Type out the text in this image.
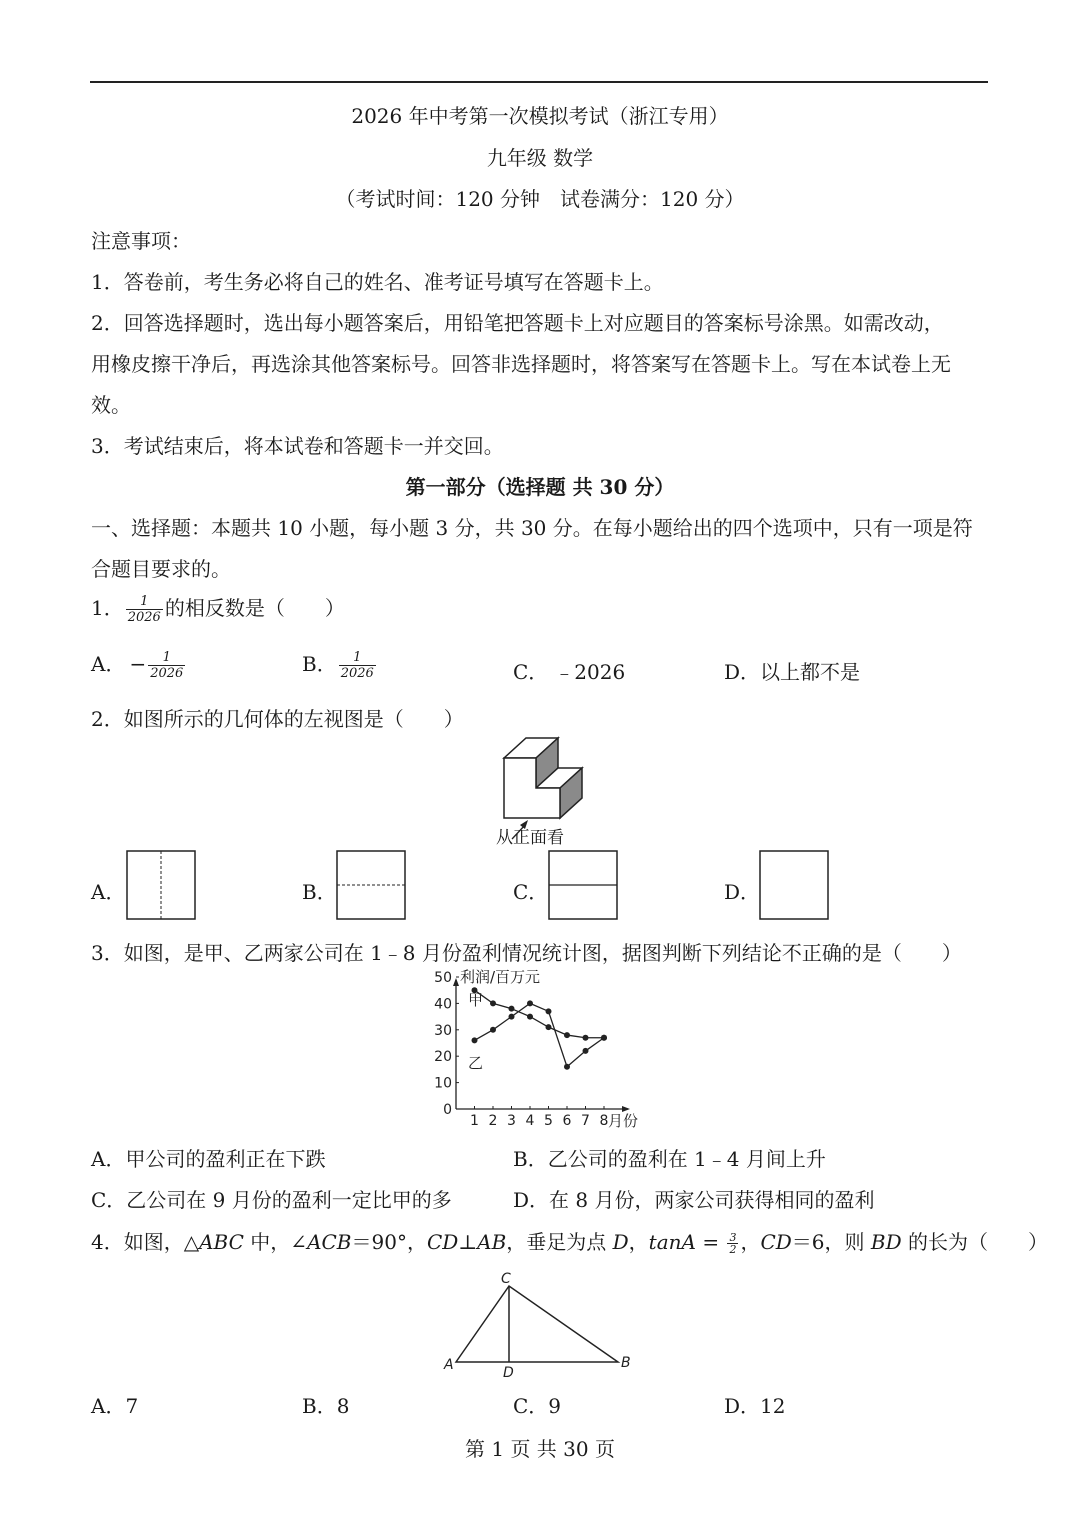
2026 年中考第一次模拟考试（浙江专用）
九年级 数学
（考试时间：120 分钟　试卷满分：120 分）
注意事项：
1．答卷前，考生务必将自己的姓名、准考证号填写在答题卡上。
2．回答选择题时，选出每小题答案后，用铅笔把答题卡上对应题目的答案标号涂黑。如需改动，
用橡皮擦干净后，再选涂其他答案标号。回答非选择题时，将答案写在答题卡上。写在本试卷上无
效。
3．考试结束后，将本试卷和答题卡一并交回。
第一部分（选择题 共 30 分）
一、选择题：本题共 10 小题，每小题 3 分，共 30 分。在每小题给出的四个选项中，只有一项是符
合题目要求的。
1． $\frac{1}{2026}$ 的相反数是（　　）
A． − $\frac{1}{2026}$	B． $\frac{1}{2026}$	C． ﹣2026	D．以上都不是
2．如图所示的几何体的左视图是（　　）
从正面看
A．	B．	C．	D．
3．如图，是甲、乙两家公司在 1﹣8 月份盈利情况统计图，据图判断下列结论不正确的是（　　）
0
10
20
30
40
50
1 2 3 4 5 6 7 8
利润/百万元
月份
甲
乙
A．甲公司的盈利正在下跌	B．乙公司的盈利在 1﹣4 月间上升
C．乙公司在 9 月份的盈利一定比甲的多	D．在 8 月份，两家公司获得相同的盈利
4．如图，△ABC 中，∠ACB＝90°，CD⊥AB，垂足为点 D，$\tan A = \frac{3}{2}$ ，CD＝6，则 BD 的长为（　　）
C
A	D
B
A．7	B．8	C．9	D．12
第 1 页 共 30 页
